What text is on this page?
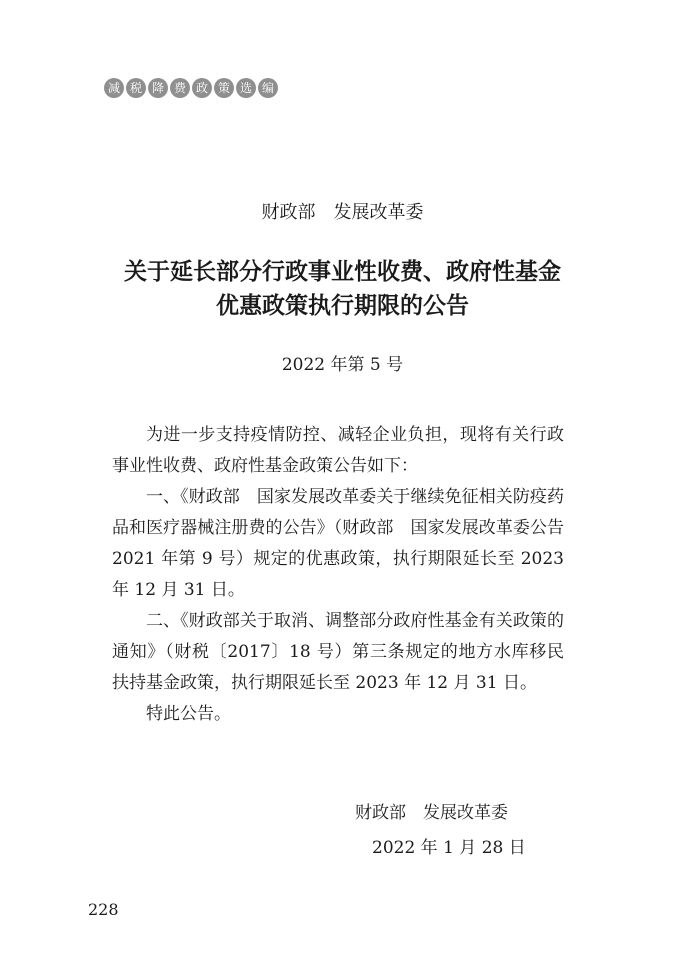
减 税 降 费 政 策 选 编
财政部　发展改革委
关于延长部分行政事业性收费、政府性基金
优惠政策执行期限的公告
2022 年第 5 号

为进一步支持疫情防控、减轻企业负担，现将有关行政事业性收费、政府性基金政策公告如下：

一、《财政部　国家发展改革委关于继续免征相关防疫药品和医疗器械注册费的公告》（财政部　国家发展改革委公告 2021 年第 9 号）规定的优惠政策，执行期限延长至 2023 年 12 月 31 日。

二、《财政部关于取消、调整部分政府性基金有关政策的通知》（财税〔2017〕18 号）第三条规定的地方水库移民扶持基金政策，执行期限延长至 2023 年 12 月 31 日。

特此公告。

财政部　发展改革委
2022 年 1 月 28 日
228
